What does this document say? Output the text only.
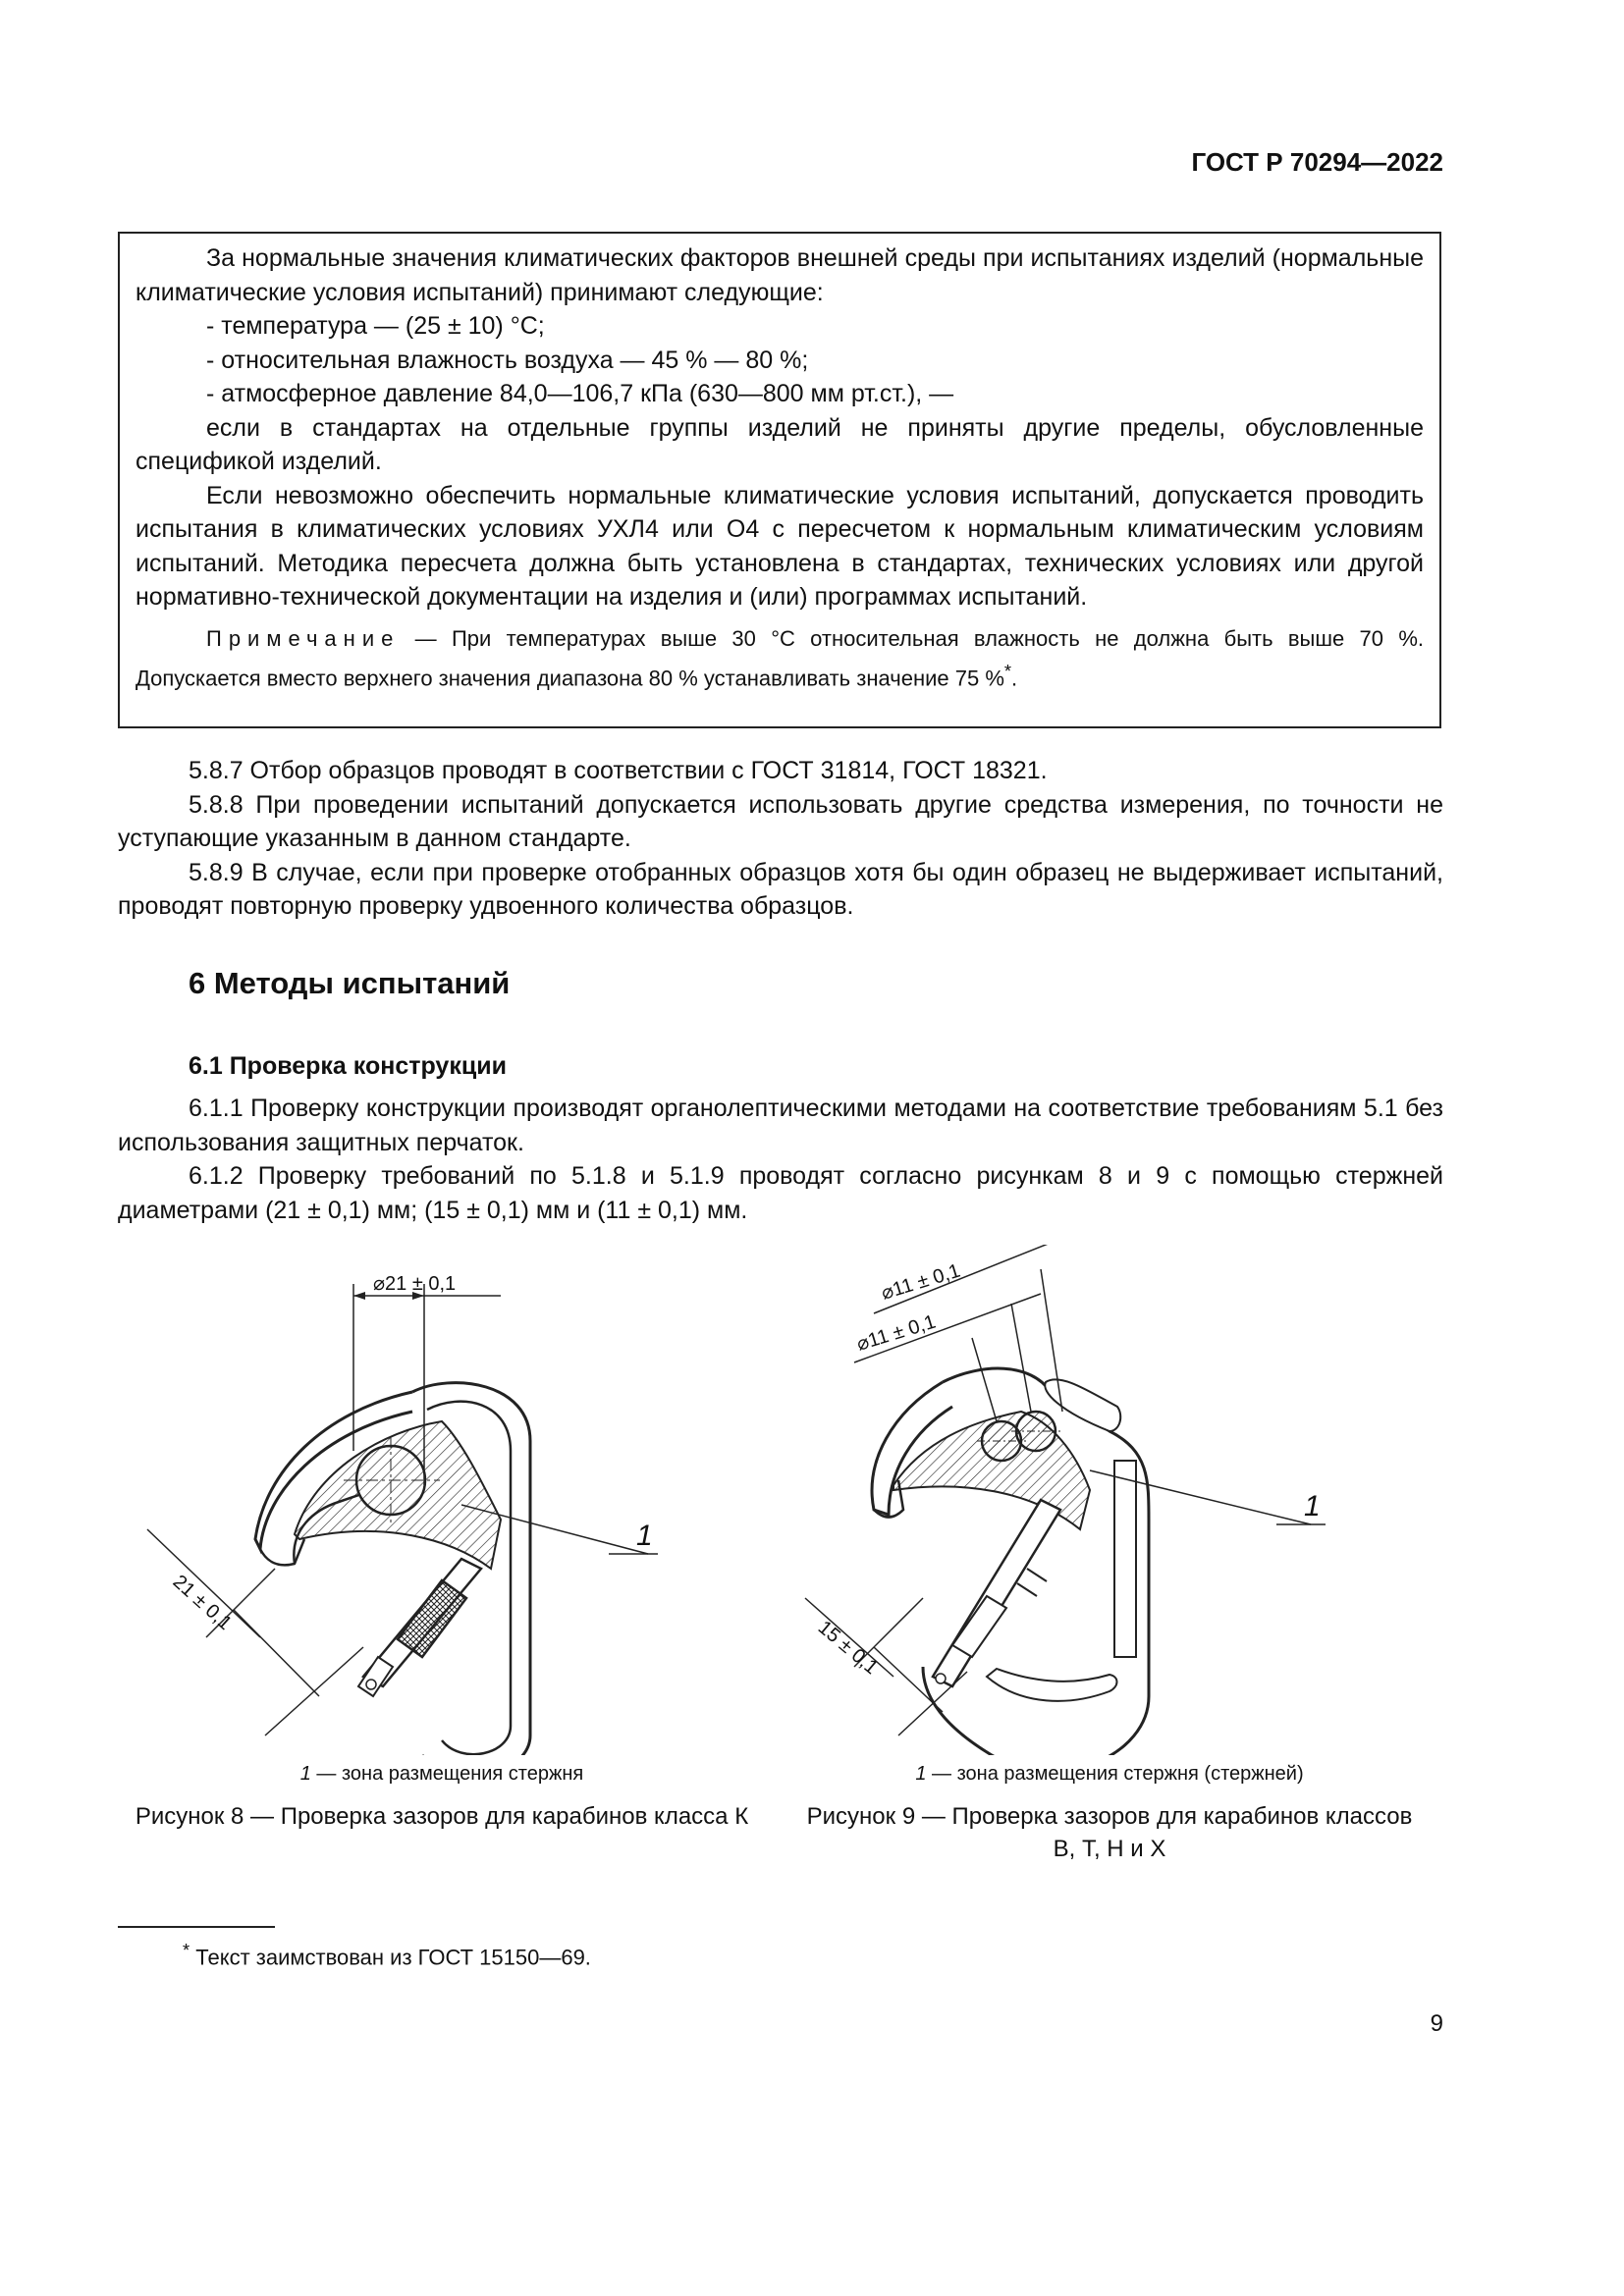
ГОСТ Р 70294—2022

За нормальные значения климатических факторов внешней среды при испытаниях изделий (нормальные климатические условия испытаний) принимают следующие:

- температура — (25 ± 10) °С;

- относительная влажность воздуха — 45 % — 80 %;

- атмосферное давление 84,0—106,7 кПа (630—800 мм рт.ст.), —

если в стандартах на отдельные группы изделий не приняты другие пределы, обусловленные спецификой изделий.

Если невозможно обеспечить нормальные климатические условия испытаний, допускается проводить испытания в климатических условиях УХЛ4 или О4 с пересчетом к нормальным климатическим условиям испытаний. Методика пересчета должна быть установлена в стандартах, технических условиях или другой нормативно-технической документации на изделия и (или) программах испытаний.

Примечание — При температурах выше 30 °С относительная влажность не должна быть выше 70 %. Допускается вместо верхнего значения диапазона 80 % устанавливать значение 75 %*.

5.8.7 Отбор образцов проводят в соответствии с ГОСТ 31814, ГОСТ 18321.

5.8.8 При проведении испытаний допускается использовать другие средства измерения, по точности не уступающие указанным в данном стандарте.

5.8.9 В случае, если при проверке отобранных образцов хотя бы один образец не выдерживает испытаний, проводят повторную проверку удвоенного количества образцов.

6 Методы испытаний
6.1 Проверка конструкции

6.1.1 Проверку конструкции производят органолептическими методами на соответствие требованиям 5.1 без использования защитных перчаток.

6.1.2 Проверку требований по 5.1.8 и 5.1.9 проводят согласно рисункам 8 и 9 с помощью стержней диаметрами (21 ± 0,1) мм; (15 ± 0,1) мм и (11 ± 0,1) мм.

⌀21 ± 0,1
21 ± 0,1
1
⌀11 ± 0,1
⌀11 ± 0,1
15 ± 0,1
1
1 — зона размещения стержня
Рисунок 8 — Проверка зазоров для карабинов класса К
1 — зона размещения стержня (стержней)
Рисунок 9 — Проверка зазоров для карабинов классов В, Т, Н и Х
* Текст заимствован из ГОСТ 15150—69.
9
